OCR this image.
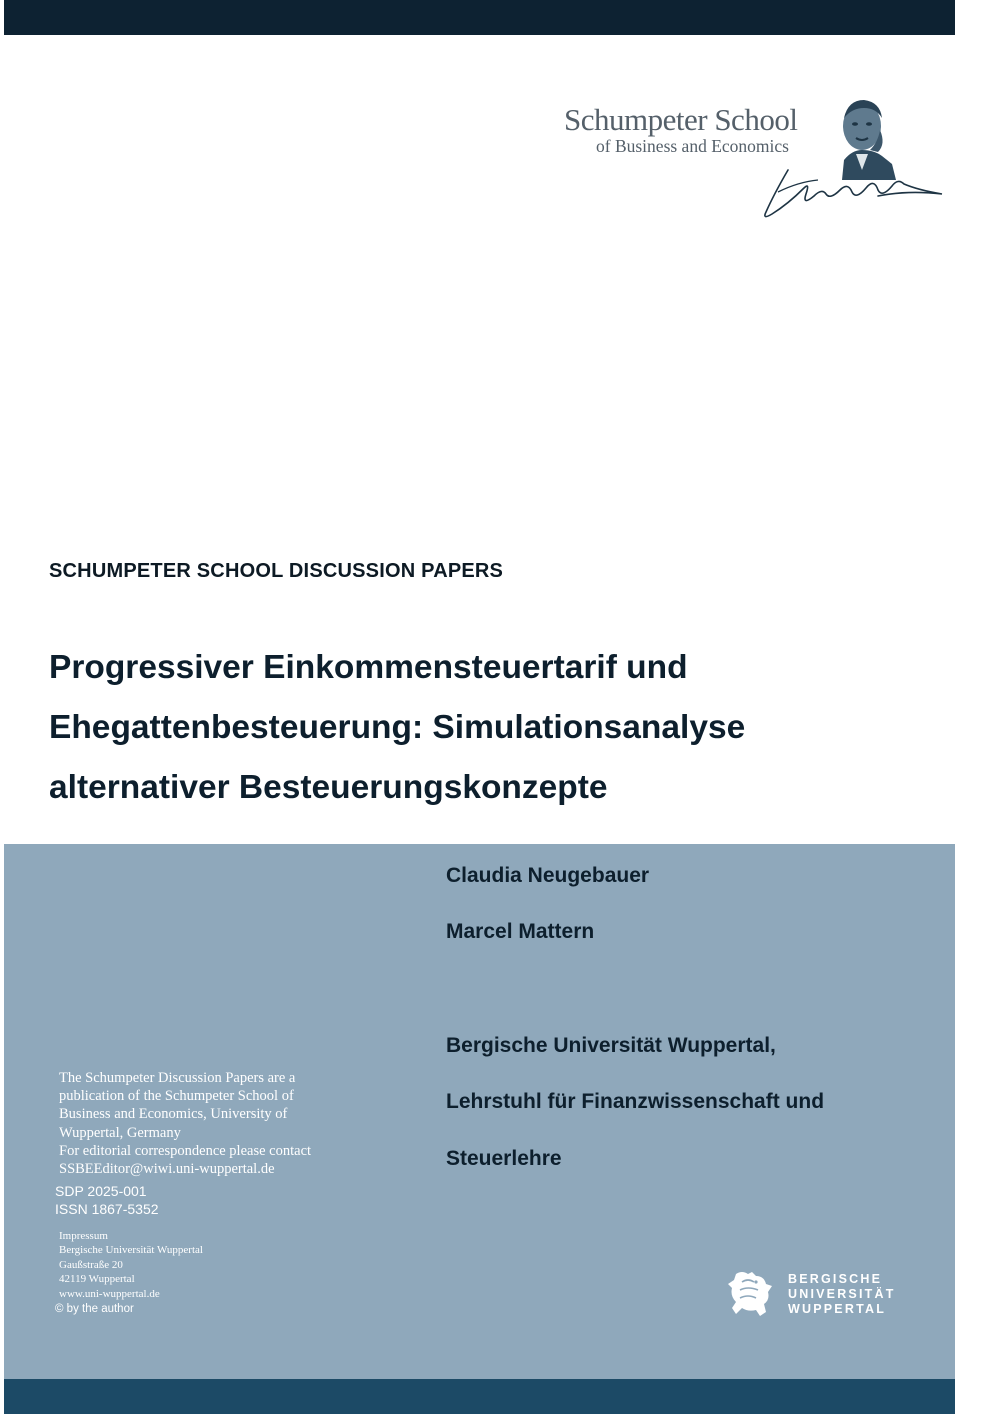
Schumpeter School
of Business and Economics
SCHUMPETER SCHOOL DISCUSSION PAPERS
Progressiver Einkommensteuertarif und
Ehegattenbesteuerung: Simulationsanalyse
alternativer Besteuerungskonzepte
Claudia Neugebauer
Marcel Mattern
Bergische Universität Wuppertal,
Lehrstuhl für Finanzwissenschaft und
Steuerlehre
The Schumpeter Discussion Papers are a
publication of the Schumpeter School of
Business and Economics, University of
Wuppertal, Germany
For editorial correspondence please contact
SSBEEditor@wiwi.uni-wuppertal.de
SDP 2025-001
ISSN 1867-5352
Impressum
Bergische Universität Wuppertal
Gaußstraße 20
42119 Wuppertal
www.uni-wuppertal.de
© by the author
BERGISCHE
UNIVERSITÄT
WUPPERTAL
